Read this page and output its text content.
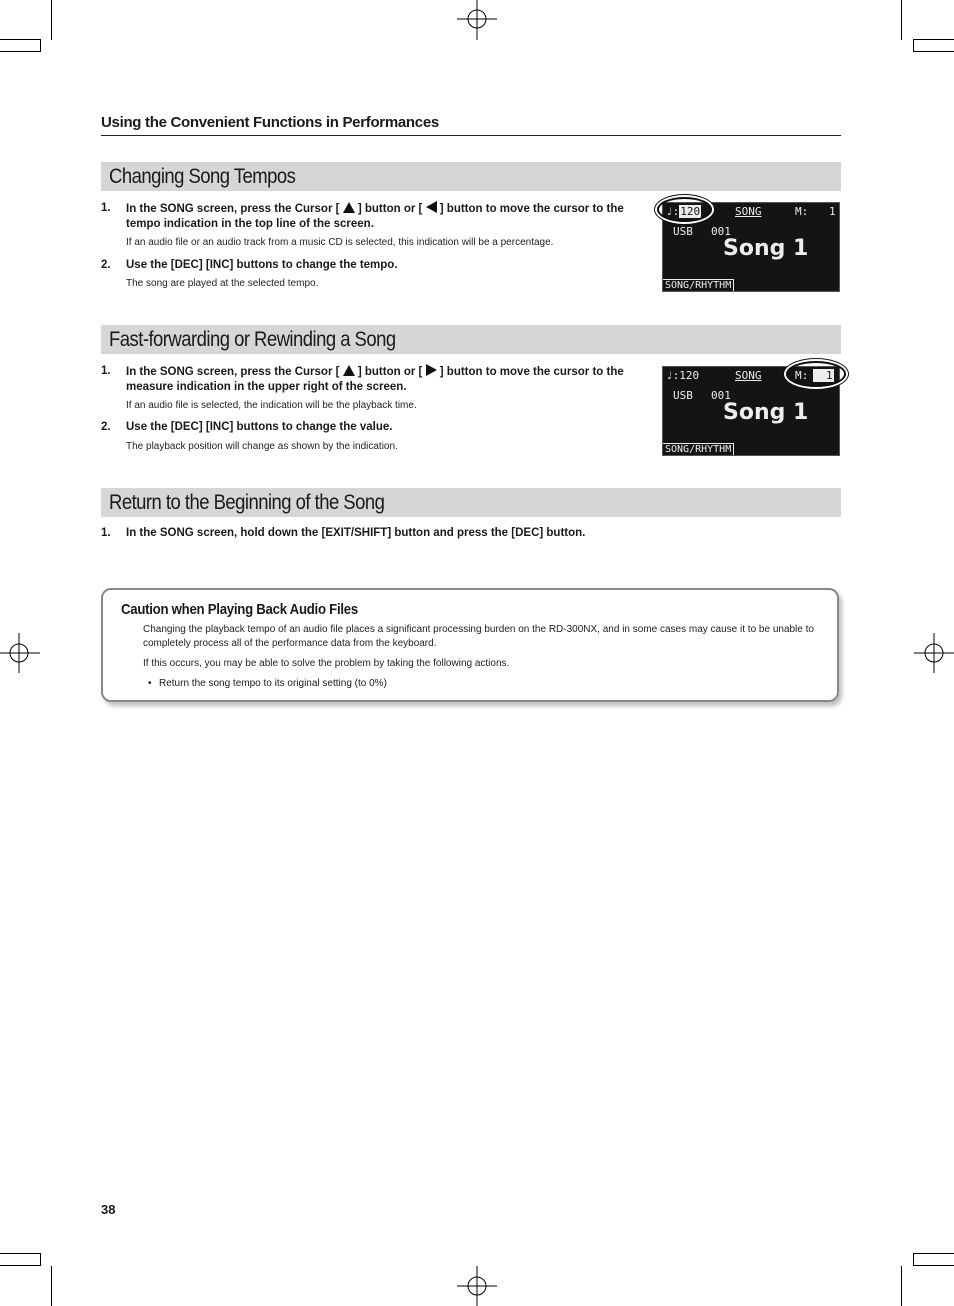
Using the Convenient Functions in Performances
Changing Song Tempos
1. In the SONG screen, press the Cursor [ ] button or [ ] button to move the cursor to the tempo indication in the top line of the screen.
If an audio file or an audio track from a music CD is selected, this indication will be a percentage.
2. Use the [DEC] [INC] buttons to change the tempo.
The song are played at the selected tempo.
♩:120	SONG	M: 1
USB 001
Song 1
SONG/RHYTHM
Fast-forwarding or Rewinding a Song
1. In the SONG screen, press the Cursor [ ] button or [ ] button to move the cursor to the measure indication in the upper right of the screen.
If an audio file is selected, the indication will be the playback time.
2. Use the [DEC] [INC] buttons to change the value.
The playback position will change as shown by the indication.
♩:120	SONG	M:	1
USB 001
Song 1
SONG/RHYTHM
Return to the Beginning of the Song
1. In the SONG screen, hold down the [EXIT/SHIFT] button and press the [DEC] button.
Caution when Playing Back Audio Files
Changing the playback tempo of an audio file places a significant processing burden on the RD-300NX, and in some cases may cause it to be unable to completely process all of the performance data from the keyboard.
If this occurs, you may be able to solve the problem by taking the following actions.
• Return the song tempo to its original setting (to 0%)
38
